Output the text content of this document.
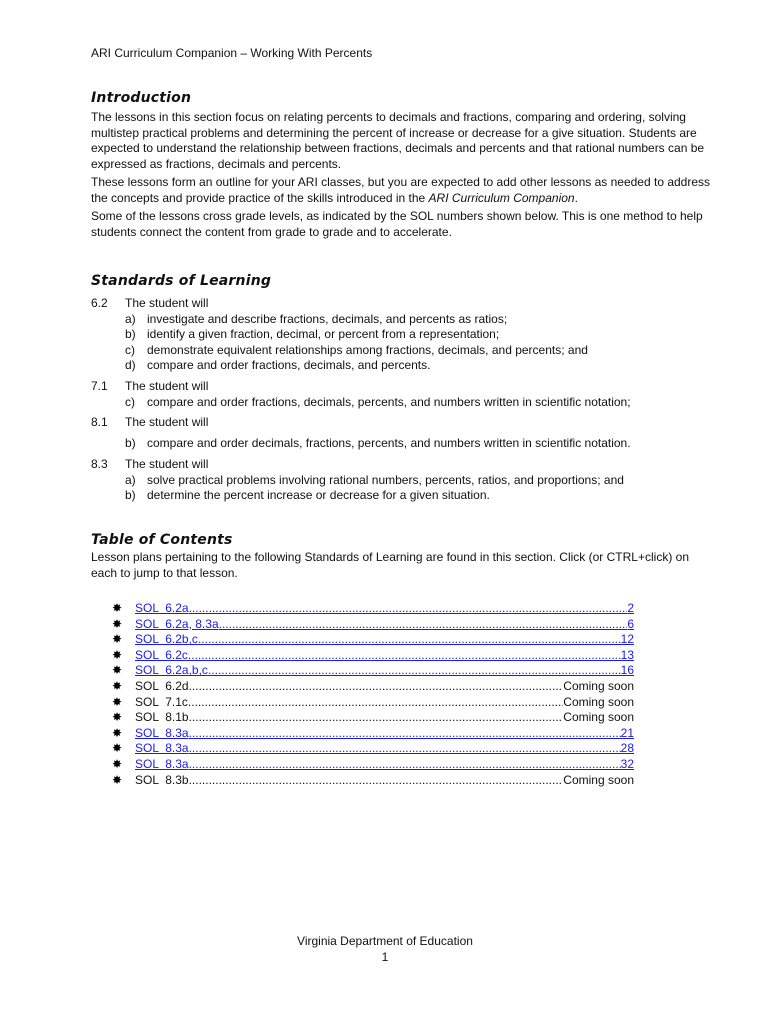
ARI Curriculum Companion – Working With Percents
Introduction

The lessons in this section focus on relating percents to decimals and fractions, comparing and ordering, solving multistep practical problems and determining the percent of increase or decrease for a give situation. Students are expected to understand the relationship between fractions, decimals and percents and that rational numbers can be expressed as fractions, decimals and percents.

These lessons form an outline for your ARI classes, but you are expected to add other lessons as needed to address the concepts and provide practice of the skills introduced in the ARI Curriculum Companion.

Some of the lessons cross grade levels, as indicated by the SOL numbers shown below. This is one method to help students connect the content from grade to grade and to accelerate.

Standards of Learning
6.2	The student will
a) investigate and describe fractions, decimals, and percents as ratios;
b) identify a given fraction, decimal, or percent from a representation;
c) demonstrate equivalent relationships among fractions, decimals, and percents; and
d) compare and order fractions, decimals, and percents.
7.1	The student will
c) compare and order fractions, decimals, percents, and numbers written in scientific notation;
8.1	The student will
b) compare and order decimals, fractions, percents, and numbers written in scientific notation.
8.3	The student will
a) solve practical problems involving rational numbers, percents, ratios, and proportions; and
b) determine the percent increase or decrease for a given situation.
Table of Contents
Lesson plans pertaining to the following Standards of Learning are found in this section. Click (or CTRL+click) on each to jump to that lesson.
✸ SOL  6.2a .....	2
✸ SOL  6.2a, 8.3a .....	6
✸ SOL  6.2b,c .....	12
✸ SOL  6.2c .....	13
✸ SOL  6.2a,b,c .....	16
✸ SOL  6.2d .....	Coming soon
✸ SOL  7.1c .....	Coming soon
✸ SOL  8.1b .....	Coming soon
✸ SOL  8.3a .....	21
✸ SOL  8.3a .....	28
✸ SOL  8.3a .....	32
✸ SOL  8.3b .....	Coming soon
Virginia Department of Education
1
